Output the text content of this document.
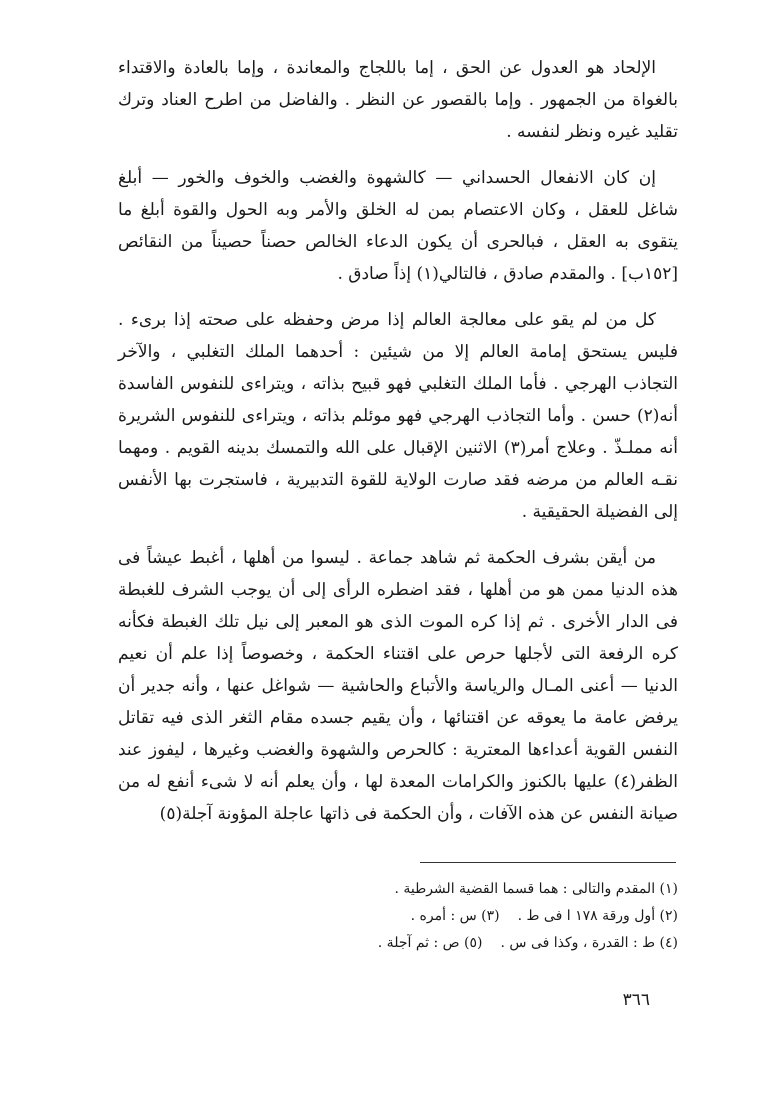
الإلحاد هو العدول عن الحق ، إما باللجاج والمعاندة ، وإما بالعادة والاقتداء بالغواة من الجمهور . وإما بالقصور عن النظر . والفاضل من اطرح العناد وترك تقليد غيره ونظر لنفسه .

إن كان الانفعال الحسداني — كالشهوة والغضب والخوف والخور — أبلغ شاغل للعقل ، وكان الاعتصام بمن له الخلق والأمر وبه الحول والقوة أبلغ ما يتقوى به العقل ، فبالحرى أن يكون الدعاء الخالص حصناً حصيناً من النقائص [١٥٢ب] . والمقدم صادق ، فالتالي(١) إذاً صادق .

كل من لم يقو على معالجة العالم إذا مرض وحفظه على صحته إذا برىء . فليس يستحق إمامة العالم إلا من شيئين : أحدهما الملك التغلبي ، والآخر التجاذب الهرجي . فأما الملك التغلبي فهو قبيح بذاته ، ويتراءى للنفوس الفاسدة أنه(٢) حسن . وأما التجاذب الهرجي فهو موئلم بذاته ، ويتراءى للنفوس الشريرة أنه مملـذّ . وعلاج أمر(٣) الاثنين الإقبال على الله والتمسك بدينه القويم . ومهما نقـه العالم من مرضه فقد صارت الولاية للقوة التدبيرية ، فاستجرت بها الأنفس إلى الفضيلة الحقيقية .

من أيقن بشرف الحكمة ثم شاهد جماعة . ليسوا من أهلها ، أغبط عيشاً فى هذه الدنيا ممن هو من أهلها ، فقد اضطره الرأى إلى أن يوجب الشرف للغبطة فى الدار الأخرى . ثم إذا كره الموت الذى هو المعبر إلى نيل تلك الغبطة فكأنه كره الرفعة التى لأجلها حرص على اقتناء الحكمة ، وخصوصاً إذا علم أن نعيم الدنيا — أعنى المـال والرياسة والأتباع والحاشية — شواغل عنها ، وأنه جدير أن يرفض عامة ما يعوقه عن اقتنائها ، وأن يقيم جسده مقام الثغر الذى فيه تقاتل النفس القوية أعداءها المعترية : كالحرص والشهوة والغضب وغيرها ، ليفوز عند الظفر(٤) عليها بالكنوز والكرامات المعدة لها ، وأن يعلم أنه لا شىء أنفع له من صيانة النفس عن هذه الآفات ، وأن الحكمة فى ذاتها عاجلة المؤونة آجلة(٥)

(١) المقدم والتالى : هما قسما القضية الشرطية .
(٢) أول ورقة ١٧٨ ا فى ط .
(٣) س : أمره .
(٤) ط : القدرة ، وكذا فى س .
(٥) ص : ثم آجلة .
٣٦٦
